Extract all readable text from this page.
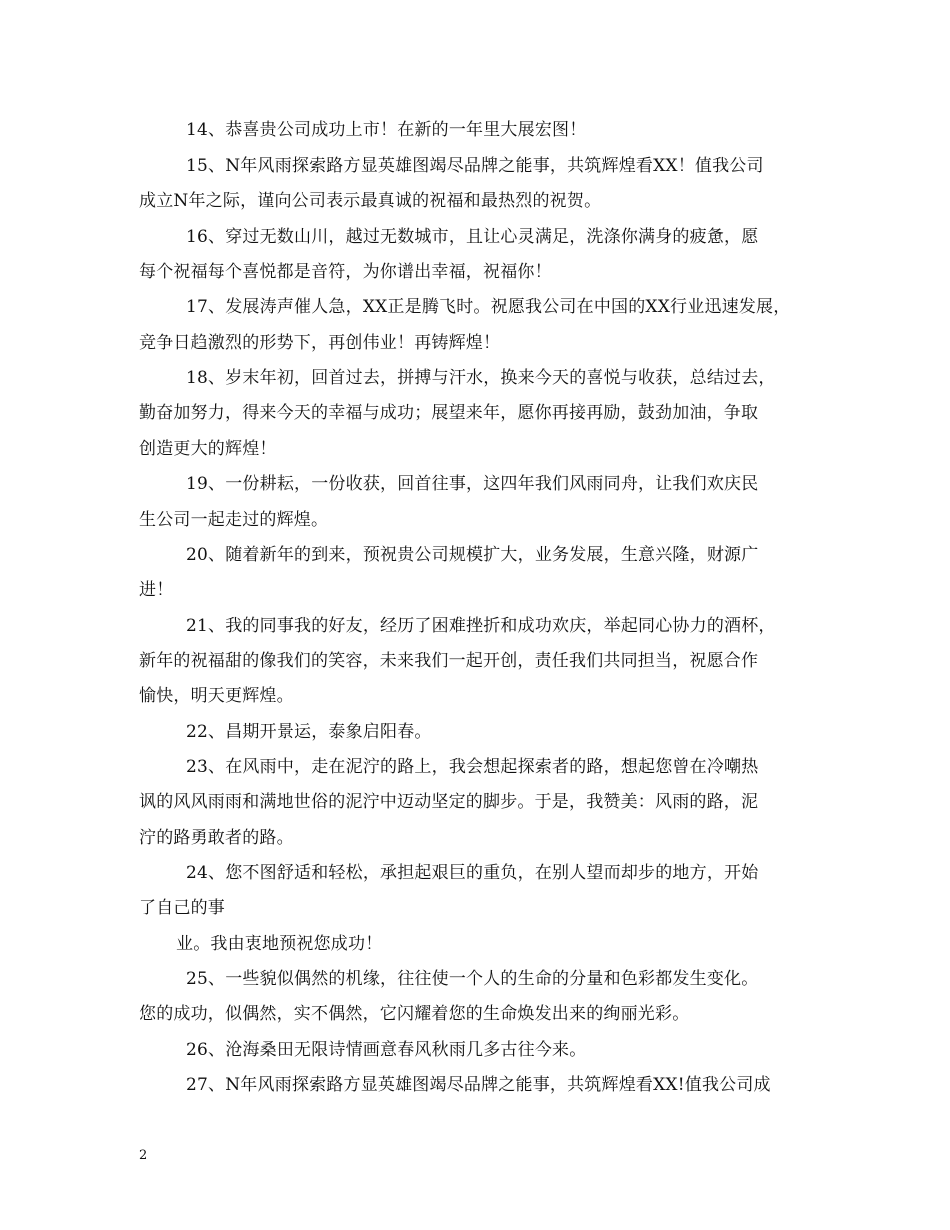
14、恭喜贵公司成功上市！在新的一年里大展宏图！
15、N年风雨探索路方显英雄图竭尽品牌之能事，共筑辉煌看XX！值我公司
成立N年之际，谨向公司表示最真诚的祝福和最热烈的祝贺。
16、穿过无数山川，越过无数城市，且让心灵满足，洗涤你满身的疲惫，愿
每个祝福每个喜悦都是音符，为你谱出幸福，祝福你！
17、发展涛声催人急，XX正是腾飞时。祝愿我公司在中国的XX行业迅速发展，
竞争日趋激烈的形势下，再创伟业！再铸辉煌！
18、岁末年初，回首过去，拼搏与汗水，换来今天的喜悦与收获，总结过去，
勤奋加努力，得来今天的幸福与成功；展望来年，愿你再接再励，鼓劲加油，争取
创造更大的辉煌！
19、一份耕耘，一份收获，回首往事，这四年我们风雨同舟，让我们欢庆民
生公司一起走过的辉煌。
20、随着新年的到来，预祝贵公司规模扩大，业务发展，生意兴隆，财源广
进！
21、我的同事我的好友，经历了困难挫折和成功欢庆，举起同心协力的酒杯，
新年的祝福甜的像我们的笑容，未来我们一起开创，责任我们共同担当，祝愿合作
愉快，明天更辉煌。
22、昌期开景运，泰象启阳春。
23、在风雨中，走在泥泞的路上，我会想起探索者的路，想起您曾在冷嘲热
讽的风风雨雨和满地世俗的泥泞中迈动坚定的脚步。于是，我赞美：风雨的路，泥
泞的路勇敢者的路。
24、您不图舒适和轻松，承担起艰巨的重负，在别人望而却步的地方，开始
了自己的事
业。我由衷地预祝您成功！
25、一些貌似偶然的机缘，往往使一个人的生命的分量和色彩都发生变化。
您的成功，似偶然，实不偶然，它闪耀着您的生命焕发出来的绚丽光彩。
26、沧海桑田无限诗情画意春风秋雨几多古往今来。
27、N年风雨探索路方显英雄图竭尽品牌之能事，共筑辉煌看XX!值我公司成
2
